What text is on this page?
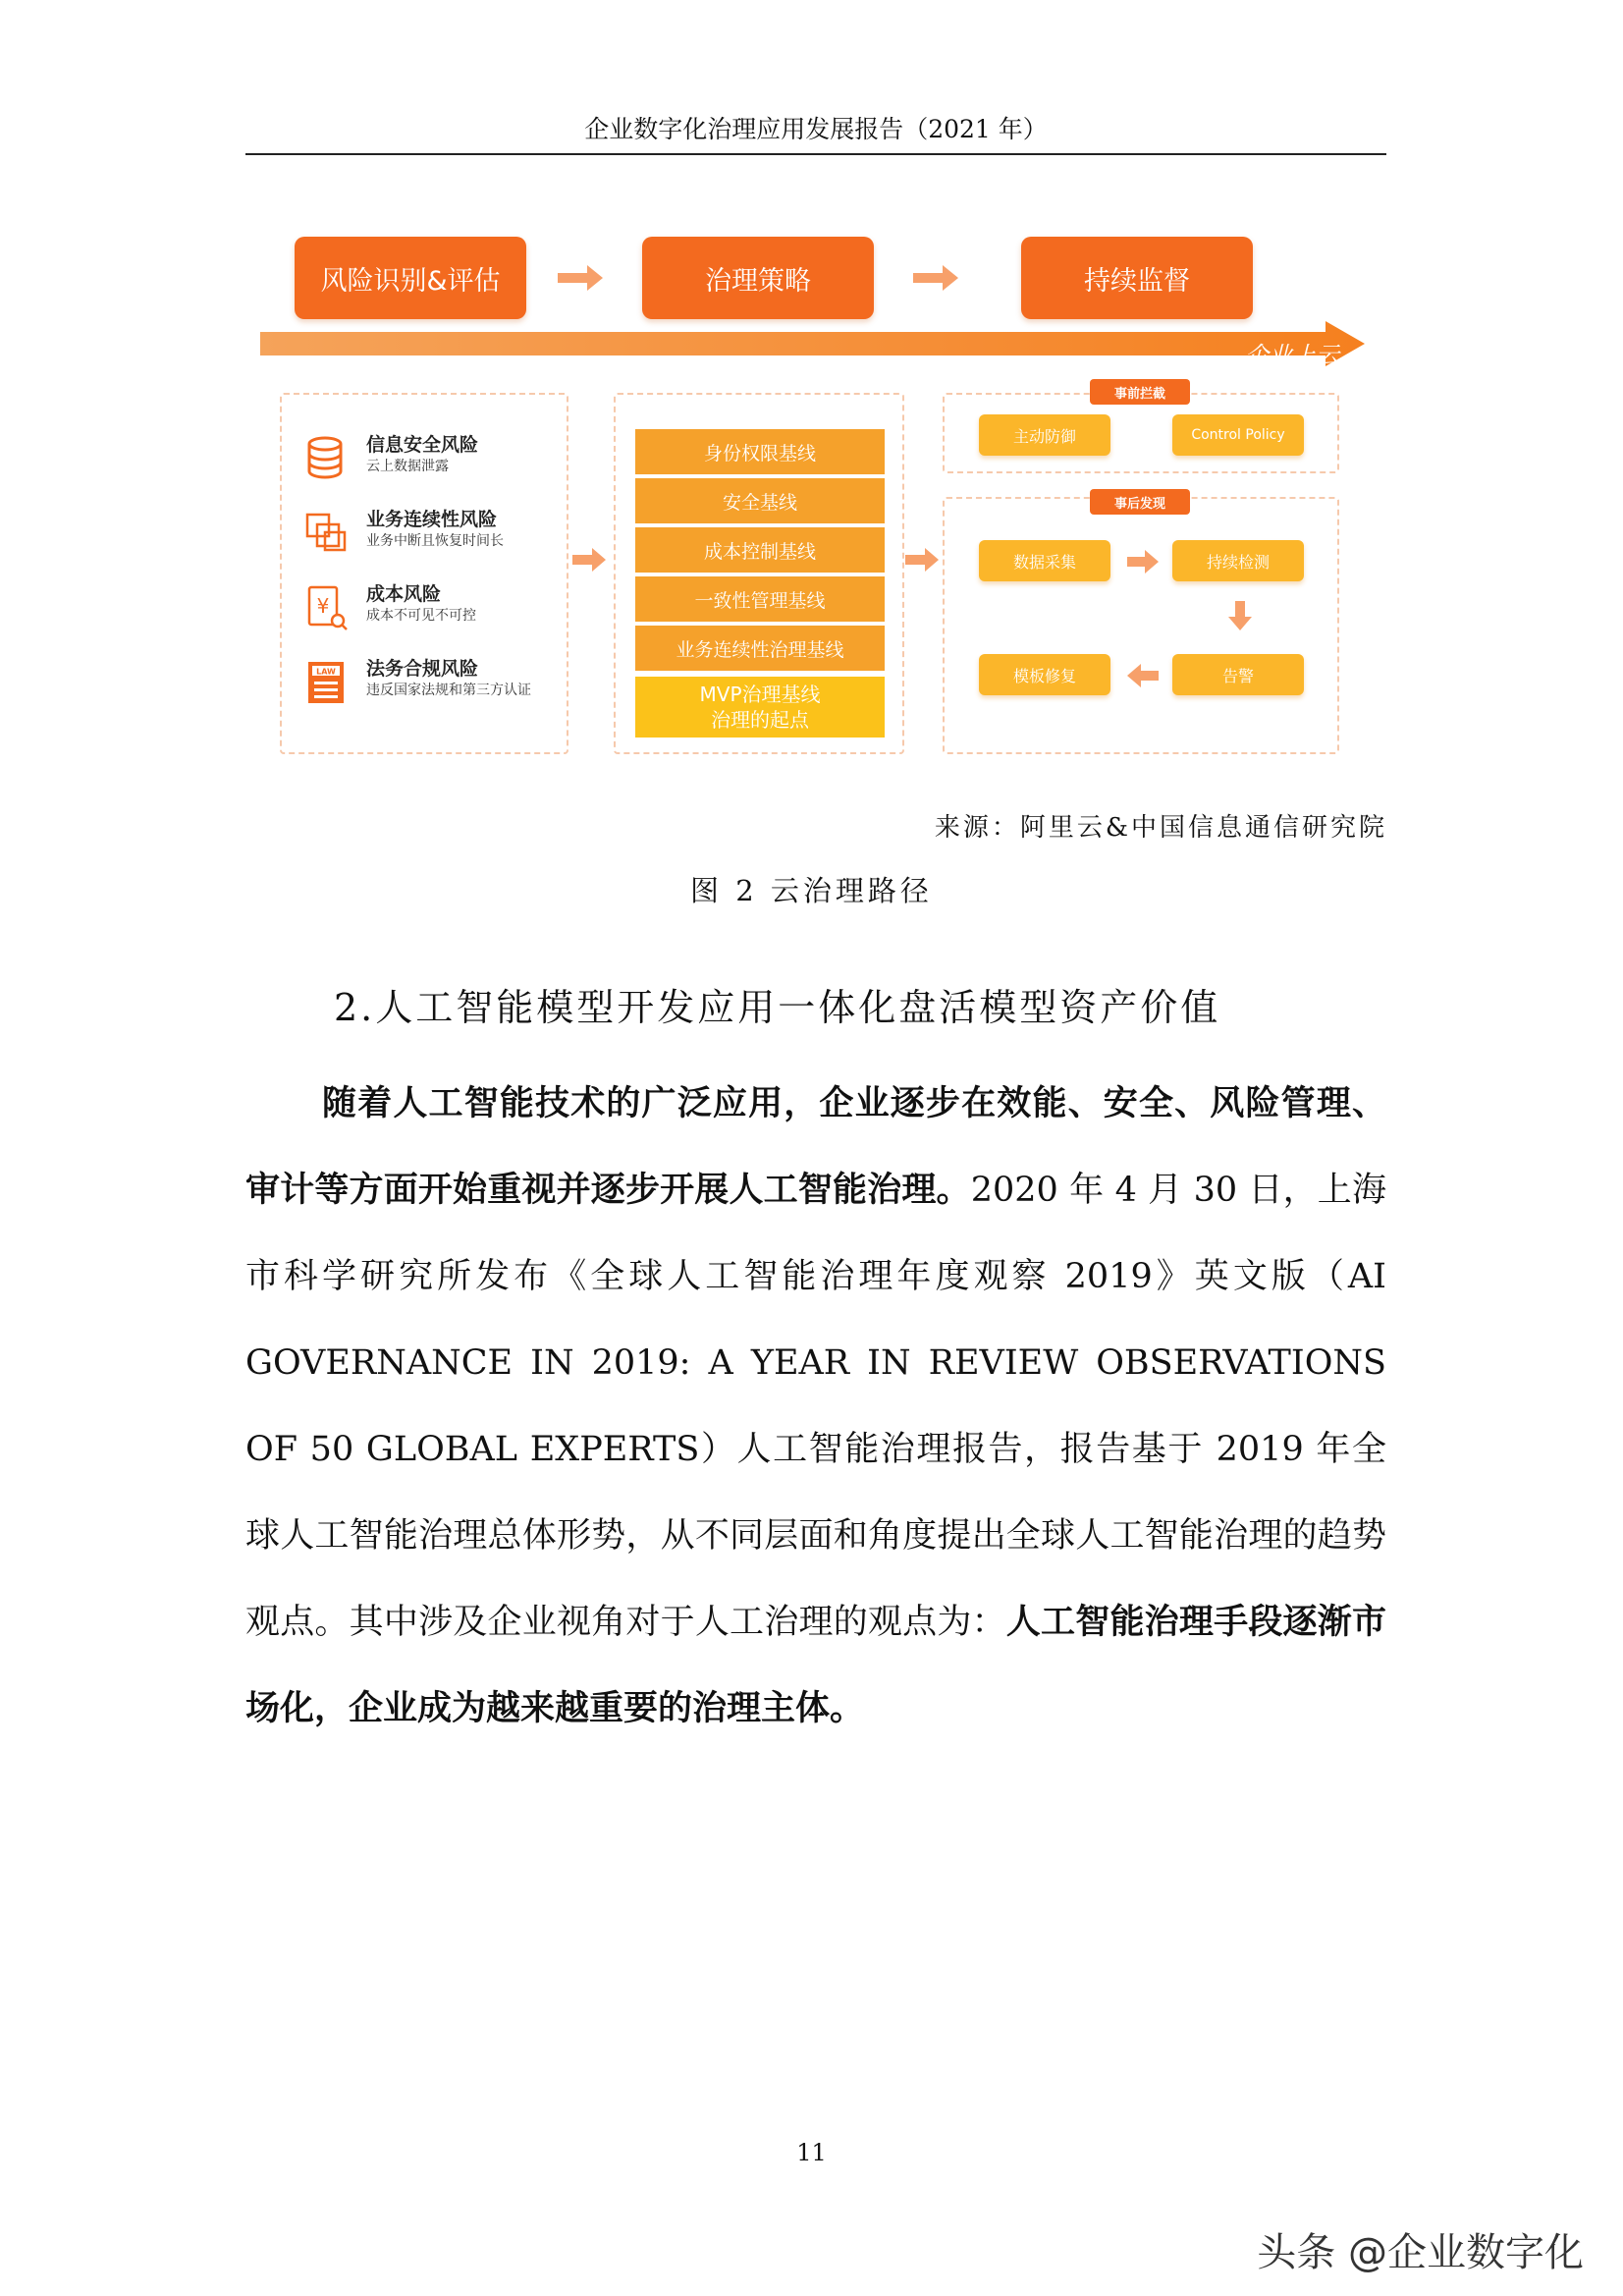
企业数字化治理应用发展报告（2021 年）
风险识别&评估	治理策略	持续监督
企业上云
信息安全风险
云上数据泄露
业务连续性风险
业务中断且恢复时间长
¥ 成本风险
成本不可见不可控
LAW 法务合规风险
违反国家法规和第三方认证
身份权限基线
安全基线
成本控制基线
一致性管理基线
业务连续性治理基线
MVP治理基线
治理的起点
主动防御	Control Policy
事前拦截
数据采集	持续检测
模板修复	告警
事后发现
来源：阿里云&中国信息通信研究院
图 2 云治理路径
2.人工智能模型开发应用一体化盘活模型资产价值

随着人工智能技术的广泛应用，企业逐步在效能、安全、风险管理、审计等方面开始重视并逐步开展人工智能治理。2020 年 4 月 30 日，上海市科学研究所发布《全球人工智能治理年度观察 2019》英文版（AI GOVERNANCE IN 2019: A YEAR IN REVIEW OBSERVATIONS OF 50 GLOBAL EXPERTS）人工智能治理报告，报告基于 2019 年全球人工智能治理总体形势，从不同层面和角度提出全球人工智能治理的趋势观点。其中涉及企业视角对于人工治理的观点为：人工智能治理手段逐渐市场化，企业成为越来越重要的治理主体。

11
头条 @企业数字化
